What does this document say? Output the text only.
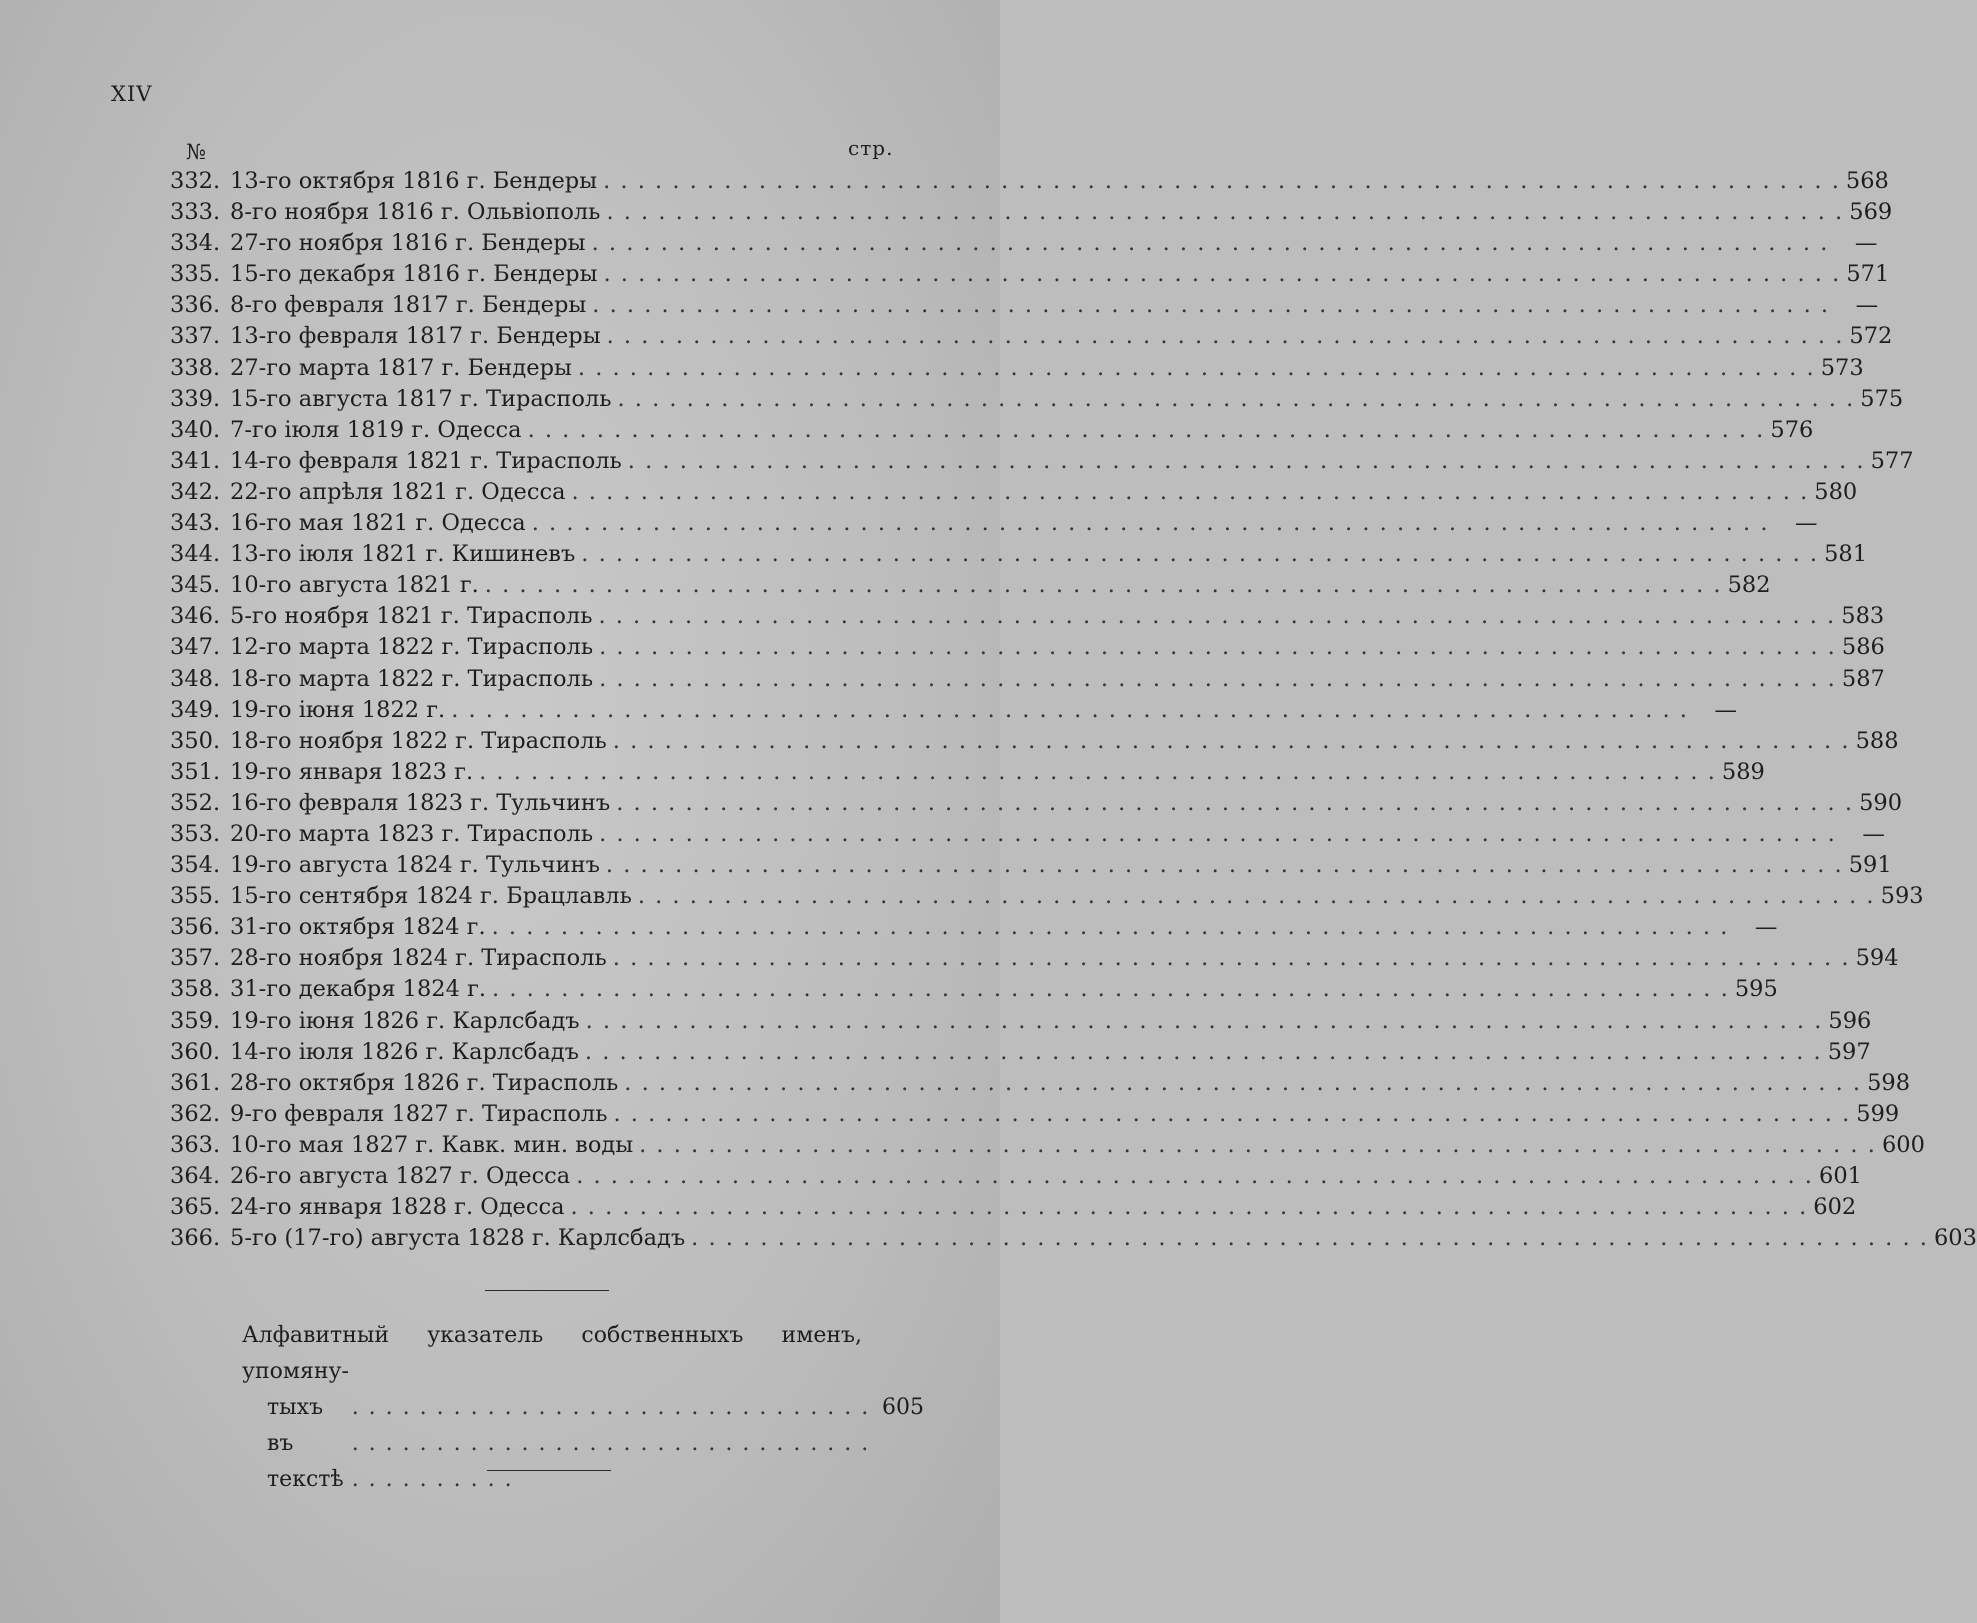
XIV
№	стр.
332. 13-го октября 1816 г. Бендеры . . .	568
333. 8-го ноября 1816 г. Ольвiополь . . .	569
334. 27-го ноября 1816 г. Бендеры . . .	—
335. 15-го декабря 1816 г. Бендеры . . .	571
336. 8-го февраля 1817 г. Бендеры . . .	—
337. 13-го февраля 1817 г. Бендеры . . .	572
338. 27-го марта 1817 г. Бендеры . . .	573
339. 15-го августа 1817 г. Тирасполь . . .	575
340. 7-го iюля 1819 г. Одесса . . .	576
341. 14-го февраля 1821 г. Тирасполь . . .	577
342. 22-го апрѣля 1821 г. Одесса . . .	580
343. 16-го мая 1821 г. Одесса . . .	—
344. 13-го iюля 1821 г. Кишиневъ . . .	581
345. 10-го августа 1821 г. . . .	582
346. 5-го ноября 1821 г. Тирасполь . . .	583
347. 12-го марта 1822 г. Тирасполь . . .	586
348. 18-го марта 1822 г. Тирасполь . . .	587
349. 19-го iюня 1822 г. . . .	—
350. 18-го ноября 1822 г. Тирасполь . . .	588
351. 19-го января 1823 г. . . .	589
352. 16-го февраля 1823 г. Тульчинъ . . .	590
353. 20-го марта 1823 г. Тирасполь . . .	—
354. 19-го августа 1824 г. Тульчинъ . . .	591
355. 15-го сентября 1824 г. Брацлавль . . .	593
356. 31-го октября 1824 г. . . .	—
357. 28-го ноября 1824 г. Тирасполь . . .	594
358. 31-го декабря 1824 г. . . .	595
359. 19-го iюня 1826 г. Карлсбадъ . . .	596
360. 14-го iюля 1826 г. Карлсбадъ . . .	597
361. 28-го октября 1826 г. Тирасполь . . .	598
362. 9-го февраля 1827 г. Тирасполь . . .	599
363. 10-го мая 1827 г. Кавк. мин. воды . . .	600
364. 26-го августа 1827 г. Одесса . . .	601
365. 24-го января 1828 г. Одесса . . .	602
366. 5-го (17-го) августа 1828 г. Карлсбадъ . . .	603
Алфавитный указатель собственныхъ именъ, упомяну-
тыхъ въ текстѣ
. . .
605
